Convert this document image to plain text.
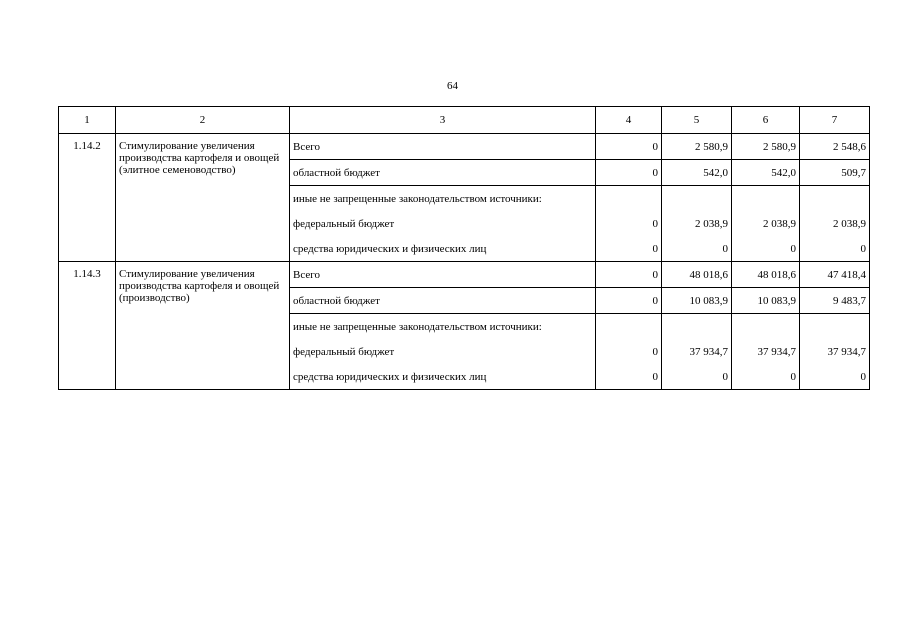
64
1	2	3	4	5	6	7
1.14.2	Стимулирование увеличения производства картофеля и овощей (элитное семеноводство)	Всего	0	2 580,9	2 580,9	2 548,6
		областной бюджет	0	542,0	542,0	509,7
		иные не запрещенные законодательством источники:				
		федеральный бюджет	0	2 038,9	2 038,9	2 038,9
		средства юридических и физических лиц	0	0	0	0
1.14.3	Стимулирование увеличения производства картофеля и овощей (производство)	Всего	0	48 018,6	48 018,6	47 418,4
		областной бюджет	0	10 083,9	10 083,9	9 483,7
		иные не запрещенные законодательством источники:				
		федеральный бюджет	0	37 934,7	37 934,7	37 934,7
		средства юридических и физических лиц	0	0	0	0
